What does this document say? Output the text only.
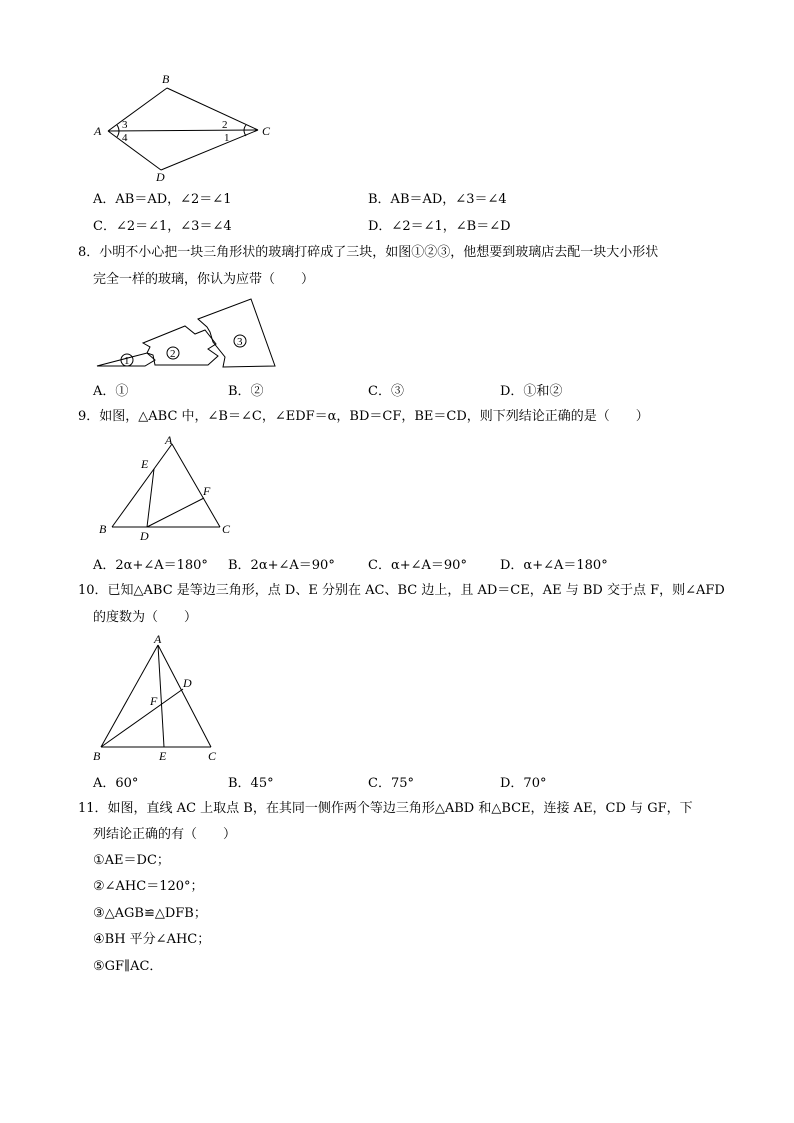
B
A	C
D
3
4
2
1
A．AB＝AD，∠2＝∠1	B．AB＝AD，∠3＝∠4
C．∠2＝∠1，∠3＝∠4	D．∠2＝∠1，∠B＝∠D
8．小明不小心把一块三角形状的玻璃打碎成了三块，如图①②③，他想要到玻璃店去配一块大小形状
完全一样的玻璃，你认为应带（　　）
1
2
3
A．①	B．②	C．③	D．①和②
9．如图，△ABC 中，∠B＝∠C，∠EDF＝α，BD＝CF，BE＝CD，则下列结论正确的是（　　）
A
E
F
B	D	C
A．2α+∠A＝180° B．2α+∠A＝90°	C．α+∠A＝90°	D．α+∠A＝180°
10．已知△ABC 是等边三角形，点 D、E 分别在 AC、BC 边上，且 AD＝CE，AE 与 BD 交于点 F，则∠AFD
的度数为（　　）
A
D
F
B	E	C
A．60°	B．45°	C．75°	D．70°
11．如图，直线 AC 上取点 B，在其同一侧作两个等边三角形△ABD 和△BCE，连接 AE，CD 与 GF，下
列结论正确的有（　　）
①AE＝DC；
②∠AHC＝120°；
③△AGB≌△DFB；
④BH 平分∠AHC；
⑤GF∥AC．
